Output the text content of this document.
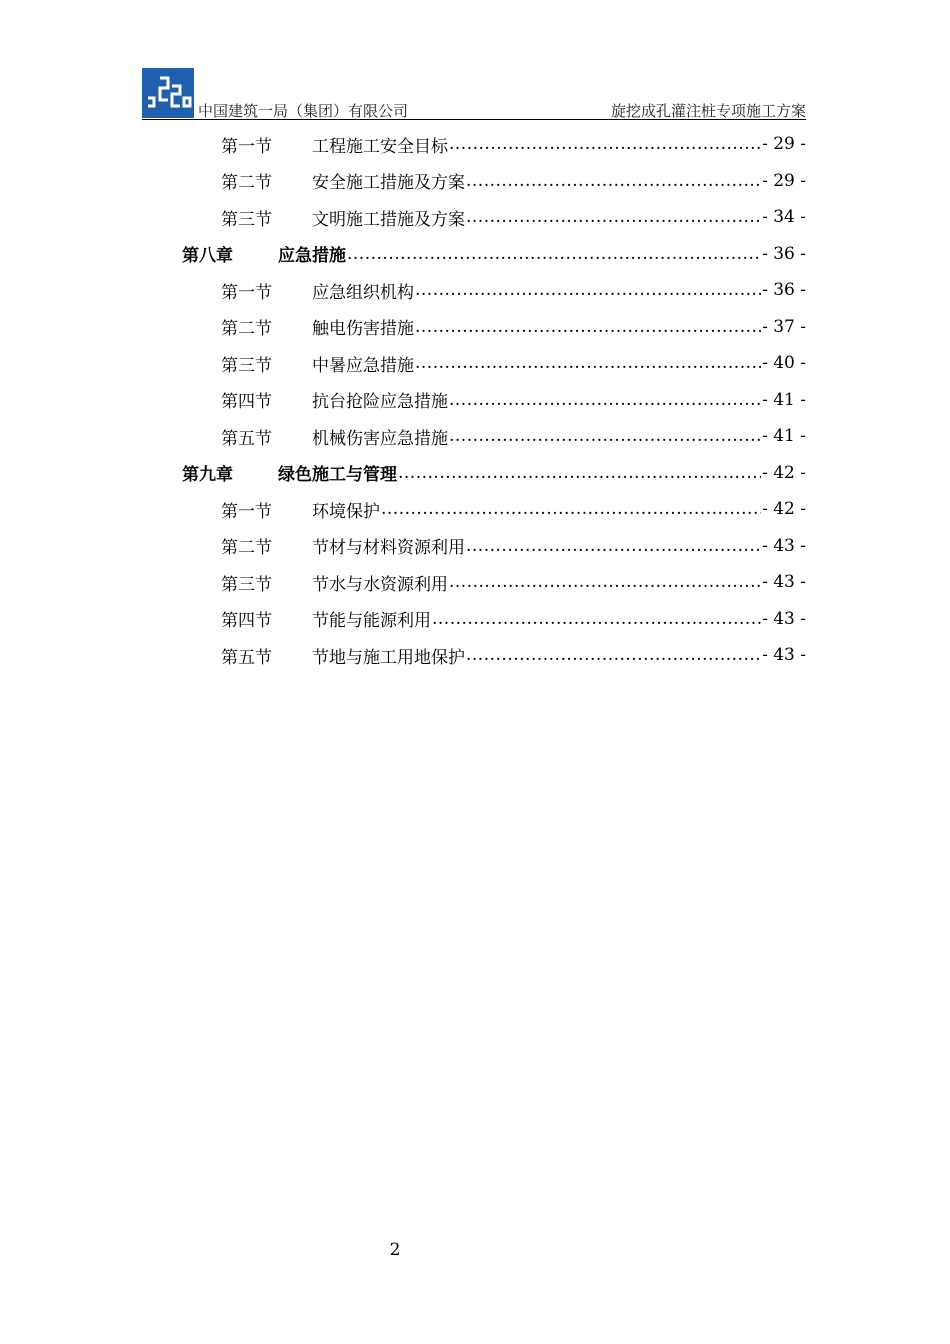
中国建筑一局（集团）有限公司	旋挖成孔灌注桩专项施工方案
第一节	工程施工安全目标 .....	- 29 -
第二节	安全施工措施及方案 .....	- 29 -
第三节	文明施工措施及方案 .....	- 34 -
第八章	应急措施 .....	- 36 -
第一节	应急组织机构 .....	- 36 -
第二节	触电伤害措施 .....	- 37 -
第三节	中暑应急措施 .....	- 40 -
第四节	抗台抢险应急措施 .....	- 41 -
第五节	机械伤害应急措施 .....	- 41 -
第九章	绿色施工与管理 .....	- 42 -
第一节	环境保护 .....	- 42 -
第二节	节材与材料资源利用 .....	- 43 -
第三节	节水与水资源利用 .....	- 43 -
第四节	节能与能源利用 .....	- 43 -
第五节	节地与施工用地保护 .....	- 43 -
2
